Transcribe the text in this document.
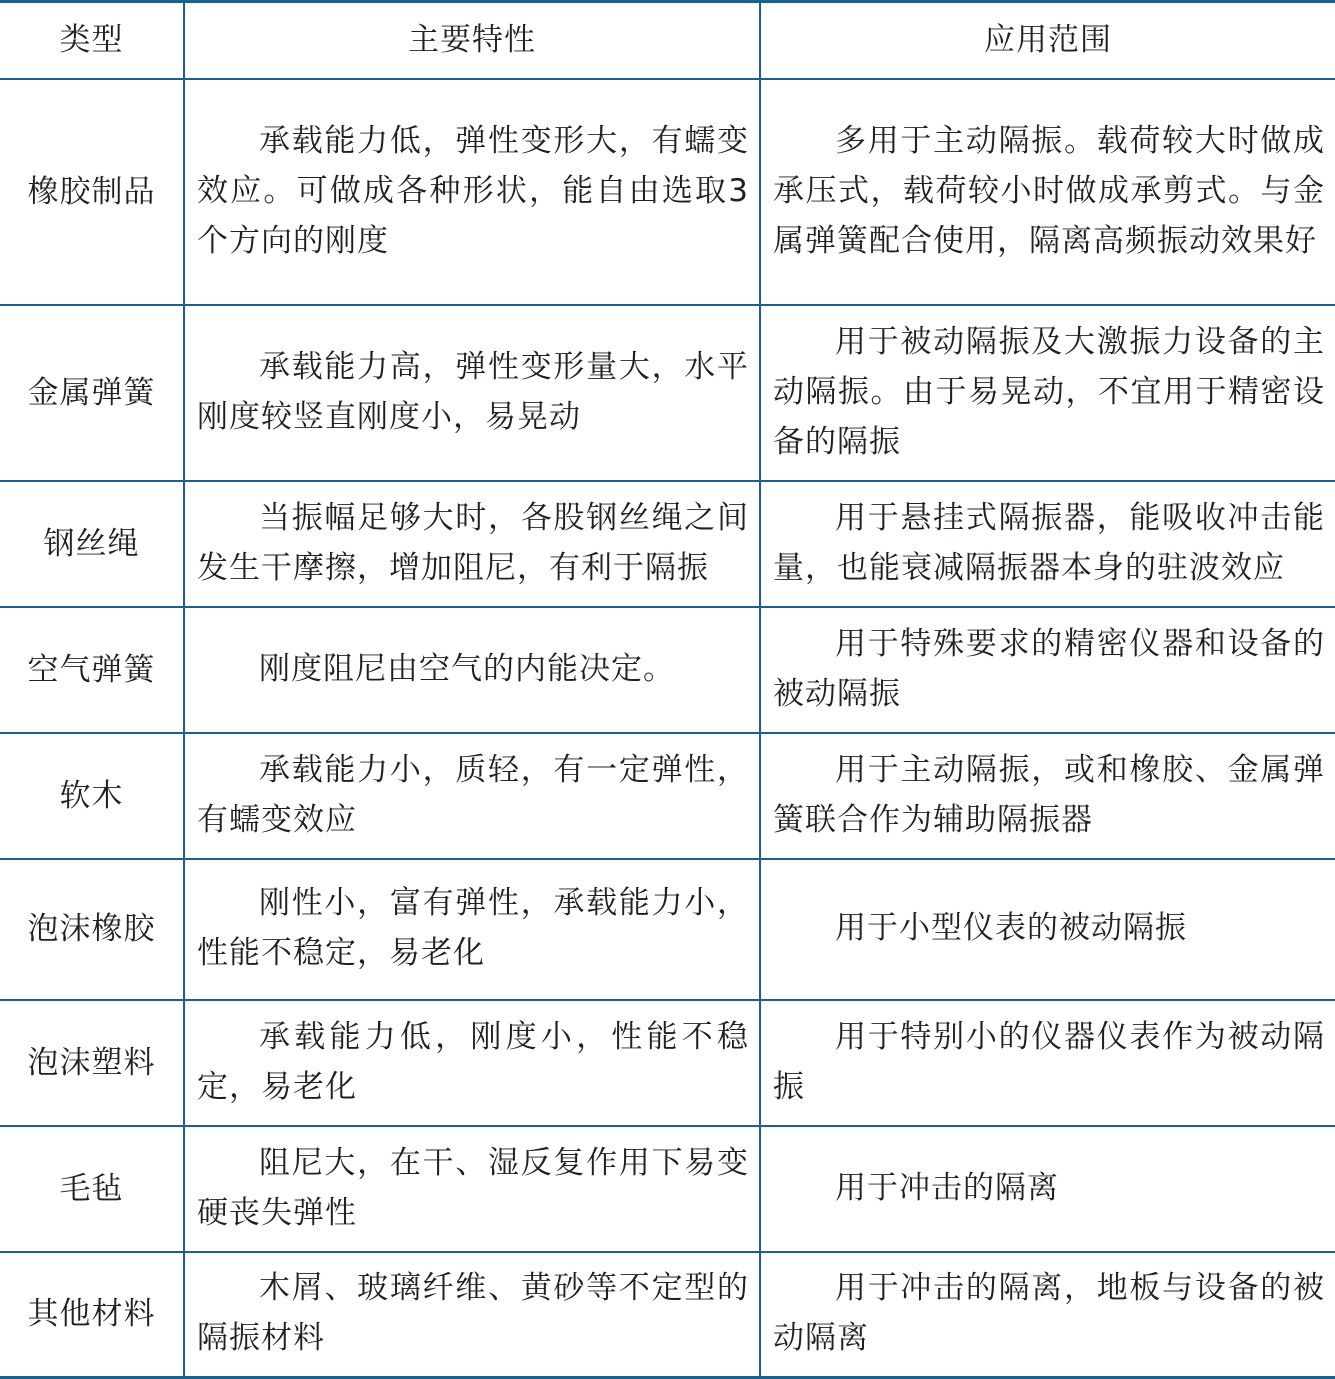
类型	主要特性	应用范围
橡胶制品	承载能力低，弹性变形大，有蠕变效应。可做成各种形状，能自由选取3 个方向的刚度	多用于主动隔振。载荷较大时做成承压式，载荷较小时做成承剪式。与金属弹簧配合使用，隔离高频振动效果好

金属弹簧	承载能力高，弹性变形量大，水平刚度较竖直刚度小，易晃动	用于被动隔振及大激振力设备的主动隔振。由于易晃动，不宜用于精密设备的隔振

钢丝绳	当振幅足够大时，各股钢丝绳之间发生干摩擦，增加阻尼，有利于隔振	用于悬挂式隔振器，能吸收冲击能量，也能衰减隔振器本身的驻波效应

空气弹簧	刚度阻尼由空气的内能决定。	用于特殊要求的精密仪器和设备的被动隔振

软木	承载能力小，质轻，有一定弹性，有蠕变效应	用于主动隔振，或和橡胶、金属弹簧联合作为辅助隔振器

泡沫橡胶	刚性小，富有弹性，承载能力小，性能不稳定，易老化	用于小型仪表的被动隔振

泡沫塑料	承载能力低，刚度小，性能不稳定，易老化	用于特别小的仪器仪表作为被动隔振

毛毡	阻尼大，在干、湿反复作用下易变硬丧失弹性	用于冲击的隔离

其他材料	木屑、玻璃纤维、黄砂等不定型的隔振材料	用于冲击的隔离，地板与设备的被动隔离
